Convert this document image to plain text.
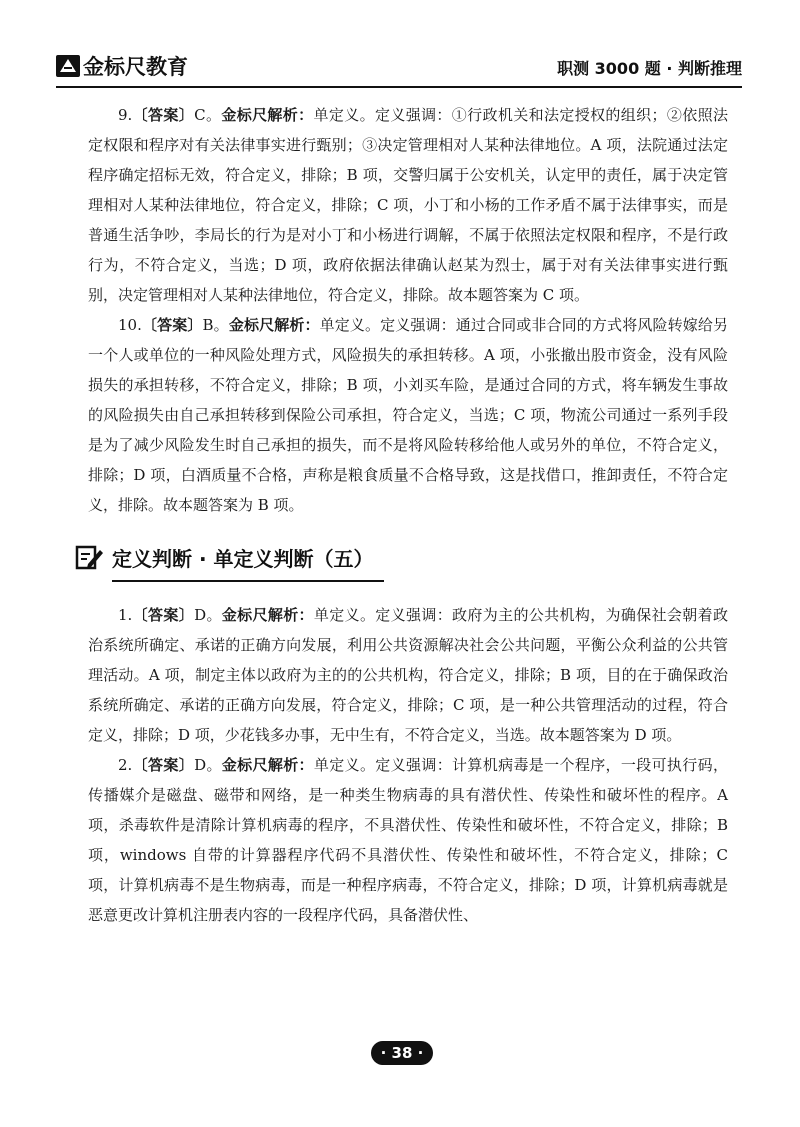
金标尺教育	职测 3000 题 · 判断推理

9.〔答案〕C。金标尺解析：单定义。定义强调：①行政机关和法定授权的组织；②依照法定权限和程序对有关法律事实进行甄别；③决定管理相对人某种法律地位。A 项，法院通过法定程序确定招标无效，符合定义，排除；B 项，交警归属于公安机关，认定甲的责任，属于决定管理相对人某种法律地位，符合定义，排除；C 项，小丁和小杨的工作矛盾不属于法律事实，而是普通生活争吵，李局长的行为是对小丁和小杨进行调解，不属于依照法定权限和程序，不是行政行为，不符合定义，当选；D 项，政府依据法律确认赵某为烈士，属于对有关法律事实进行甄别，决定管理相对人某种法律地位，符合定义，排除。故本题答案为 C 项。

10.〔答案〕B。金标尺解析：单定义。定义强调：通过合同或非合同的方式将风险转嫁给另一个人或单位的一种风险处理方式，风险损失的承担转移。A 项，小张撤出股市资金，没有风险损失的承担转移，不符合定义，排除；B 项，小刘买车险，是通过合同的方式，将车辆发生事故的风险损失由自己承担转移到保险公司承担，符合定义，当选；C 项，物流公司通过一系列手段是为了减少风险发生时自己承担的损失，而不是将风险转移给他人或另外的单位，不符合定义，排除；D 项，白酒质量不合格，声称是粮食质量不合格导致，这是找借口，推卸责任，不符合定义，排除。故本题答案为 B 项。

定义判断 · 单定义判断（五）

1.〔答案〕D。金标尺解析：单定义。定义强调：政府为主的公共机构，为确保社会朝着政治系统所确定、承诺的正确方向发展，利用公共资源解决社会公共问题，平衡公众利益的公共管理活动。A 项，制定主体以政府为主的的公共机构，符合定义，排除；B 项，目的在于确保政治系统所确定、承诺的正确方向发展，符合定义，排除；C 项，是一种公共管理活动的过程，符合定义，排除；D 项，少花钱多办事，无中生有，不符合定义，当选。故本题答案为 D 项。

2.〔答案〕D。金标尺解析：单定义。定义强调：计算机病毒是一个程序，一段可执行码，传播媒介是磁盘、磁带和网络，是一种类生物病毒的具有潜伏性、传染性和破坏性的程序。A 项，杀毒软件是清除计算机病毒的程序，不具潜伏性、传染性和破坏性，不符合定义，排除；B 项，windows 自带的计算器程序代码不具潜伏性、传染性和破坏性，不符合定义，排除；C 项，计算机病毒不是生物病毒，而是一种程序病毒，不符合定义，排除；D 项，计算机病毒就是恶意更改计算机注册表内容的一段程序代码，具备潜伏性、

· 38 ·
